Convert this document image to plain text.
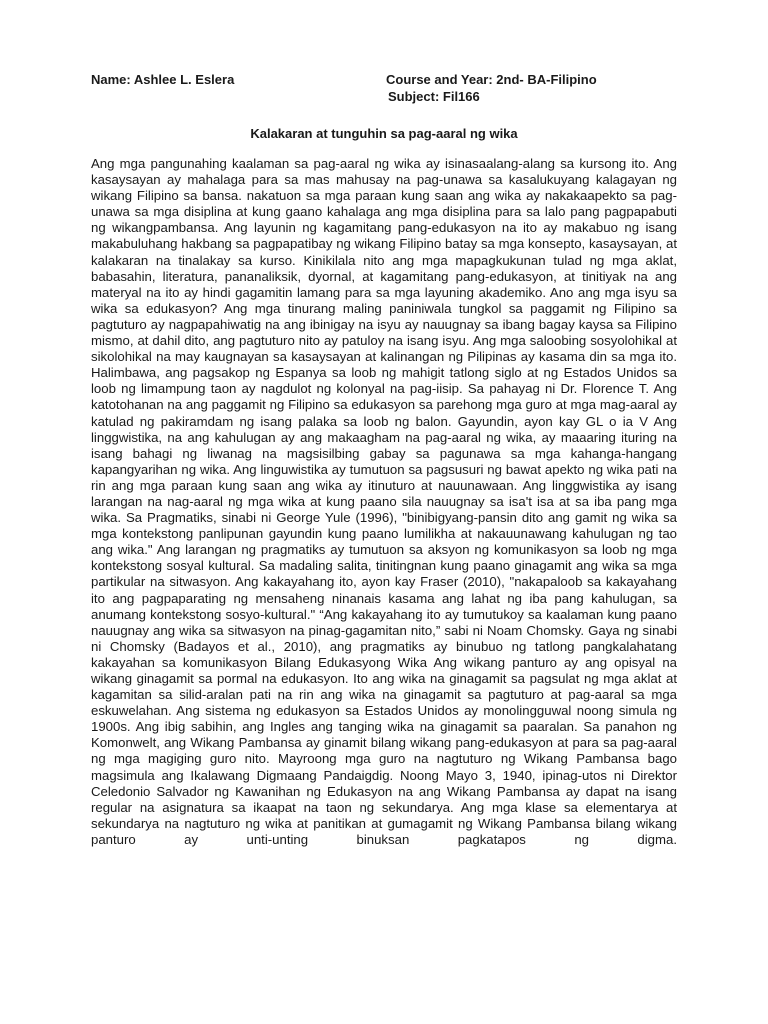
Name: Ashlee L. Eslera	Course and Year: 2nd- BA-Filipino
Subject: Fil166
Kalakaran at tunguhin sa pag-aaral ng wika

Ang mga pangunahing kaalaman sa pag-aaral ng wika ay isinasaalang-alang sa kursong ito. Ang kasaysayan ay mahalaga para sa mas mahusay na pag-unawa sa kasalukuyang kalagayan ng wikang Filipino sa bansa. nakatuon sa mga paraan kung saan ang wika ay nakakaapekto sa pag-unawa sa mga disiplina at kung gaano kahalaga ang mga disiplina para sa lalo pang pagpapabuti ng wikangpambansa. Ang layunin ng kagamitang pang-edukasyon na ito ay makabuo ng isang makabuluhang hakbang sa pagpapatibay ng wikang Filipino batay sa mga konsepto, kasaysayan, at kalakaran na tinalakay sa kurso. Kinikilala nito ang mga mapagkukunan tulad ng mga aklat, babasahin, literatura, pananaliksik, dyornal, at kagamitang pang-edukasyon, at tinitiyak na ang materyal na ito ay hindi gagamitin lamang para sa mga layuning akademiko. Ano ang mga isyu sa wika sa edukasyon? Ang mga tinurang maling paniniwala tungkol sa paggamit ng Filipino sa pagtuturo ay nagpapahiwatig na ang ibinigay na isyu ay nauugnay sa ibang bagay kaysa sa Filipino mismo, at dahil dito, ang pagtuturo nito ay patuloy na isang isyu. Ang mga saloobing sosyolohikal at sikolohikal na may kaugnayan sa kasaysayan at kalinangan ng Pilipinas ay kasama din sa mga ito. Halimbawa, ang pagsakop ng Espanya sa loob ng mahigit tatlong siglo at ng Estados Unidos sa loob ng limampung taon ay nagdulot ng kolonyal na pag-iisip. Sa pahayag ni Dr. Florence T. Ang katotohanan na ang paggamit ng Filipino sa edukasyon sa parehong mga guro at mga mag-aaral ay katulad ng pakiramdam ng isang palaka sa loob ng balon. Gayundin, ayon kay GL o ia V Ang linggwistika, na ang kahulugan ay ang makaagham na pag-aaral ng wika, ay maaaring ituring na isang bahagi ng liwanag na magsisilbing gabay sa pagunawa sa mga kahanga-hangang kapangyarihan ng wika. Ang linguwistika ay tumutuon sa pagsusuri ng bawat apekto ng wika pati na rin ang mga paraan kung saan ang wika ay itinuturo at nauunawaan. Ang linggwistika ay isang larangan na nag-aaral ng mga wika at kung paano sila nauugnay sa isa't isa at sa iba pang mga wika. Sa Pragmatiks, sinabi ni George Yule (1996), "binibigyang-pansin dito ang gamit ng wika sa mga kontekstong panlipunan gayundin kung paano lumilikha at nakauunawang kahulugan ng tao ang wika." Ang larangan ng pragmatiks ay tumutuon sa aksyon ng komunikasyon sa loob ng mga kontekstong sosyal kultural. Sa madaling salita, tinitingnan kung paano ginagamit ang wika sa mga partikular na sitwasyon. Ang kakayahang ito, ayon kay Fraser (2010), "nakapaloob sa kakayahang ito ang pagpaparating ng mensaheng ninanais kasama ang lahat ng iba pang kahulugan, sa anumang kontekstong sosyo-kultural." “Ang kakayahang ito ay tumutukoy sa kaalaman kung paano nauugnay ang wika sa sitwasyon na pinag-gagamitan nito,” sabi ni Noam Chomsky. Gaya ng sinabi ni Chomsky (Badayos et al., 2010), ang pragmatiks ay binubuo ng tatlong pangkalahatang kakayahan sa komunikasyon Bilang Edukasyong Wika Ang wikang panturo ay ang opisyal na wikang ginagamit sa pormal na edukasyon. Ito ang wika na ginagamit sa pagsulat ng mga aklat at kagamitan sa silid-aralan pati na rin ang wika na ginagamit sa pagtuturo at pag-aaral sa mga eskuwelahan. Ang sistema ng edukasyon sa Estados Unidos ay monolingguwal noong simula ng 1900s. Ang ibig sabihin, ang Ingles ang tanging wika na ginagamit sa paaralan. Sa panahon ng Komonwelt, ang Wikang Pambansa ay ginamit bilang wikang pang-edukasyon at para sa pag-aaral ng mga magiging guro nito. Mayroong mga guro na nagtuturo ng Wikang Pambansa bago magsimula ang Ikalawang Digmaang Pandaigdig. Noong Mayo 3, 1940, ipinag-utos ni Direktor Celedonio Salvador ng Kawanihan ng Edukasyon na ang Wikang Pambansa ay dapat na isang regular na asignatura sa ikaapat na taon ng sekundarya. Ang mga klase sa elementarya at sekundarya na nagtuturo ng wika at panitikan at gumagamit ng Wikang Pambansa bilang wikang panturo ay unti-unting binuksan pagkatapos ng digma.
